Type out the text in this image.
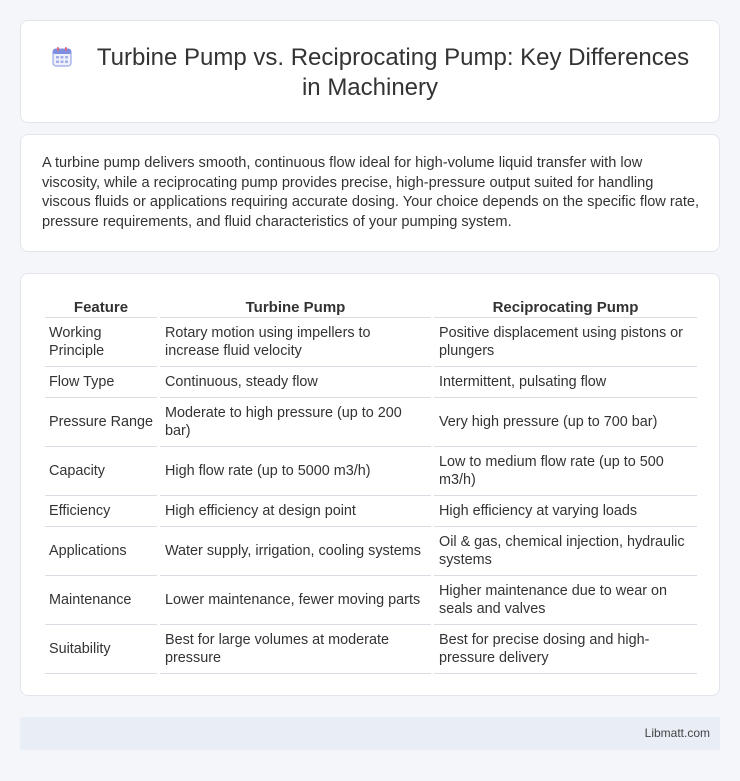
Turbine Pump vs. Reciprocating Pump: Key Differences in Machinery

A turbine pump delivers smooth, continuous flow ideal for high-volume liquid transfer with low viscosity, while a reciprocating pump provides precise, high-pressure output suited for handling viscous fluids or applications requiring accurate dosing. Your choice depends on the specific flow rate, pressure requirements, and fluid characteristics of your pumping system.

Feature	Turbine Pump	Reciprocating Pump
Working Principle	Rotary motion using impellers to increase fluid velocity	Positive displacement using pistons or plungers
Flow Type	Continuous, steady flow	Intermittent, pulsating flow
Pressure Range	Moderate to high pressure (up to 200 bar)	Very high pressure (up to 700 bar)
Capacity	High flow rate (up to 5000 m3/h)	Low to medium flow rate (up to 500 m3/h)
Efficiency	High efficiency at design point	High efficiency at varying loads
Applications	Water supply, irrigation, cooling systems	Oil & gas, chemical injection, hydraulic systems
Maintenance	Lower maintenance, fewer moving parts	Higher maintenance due to wear on seals and valves
Suitability	Best for large volumes at moderate pressure	Best for precise dosing and high-pressure delivery
Libmatt.com
